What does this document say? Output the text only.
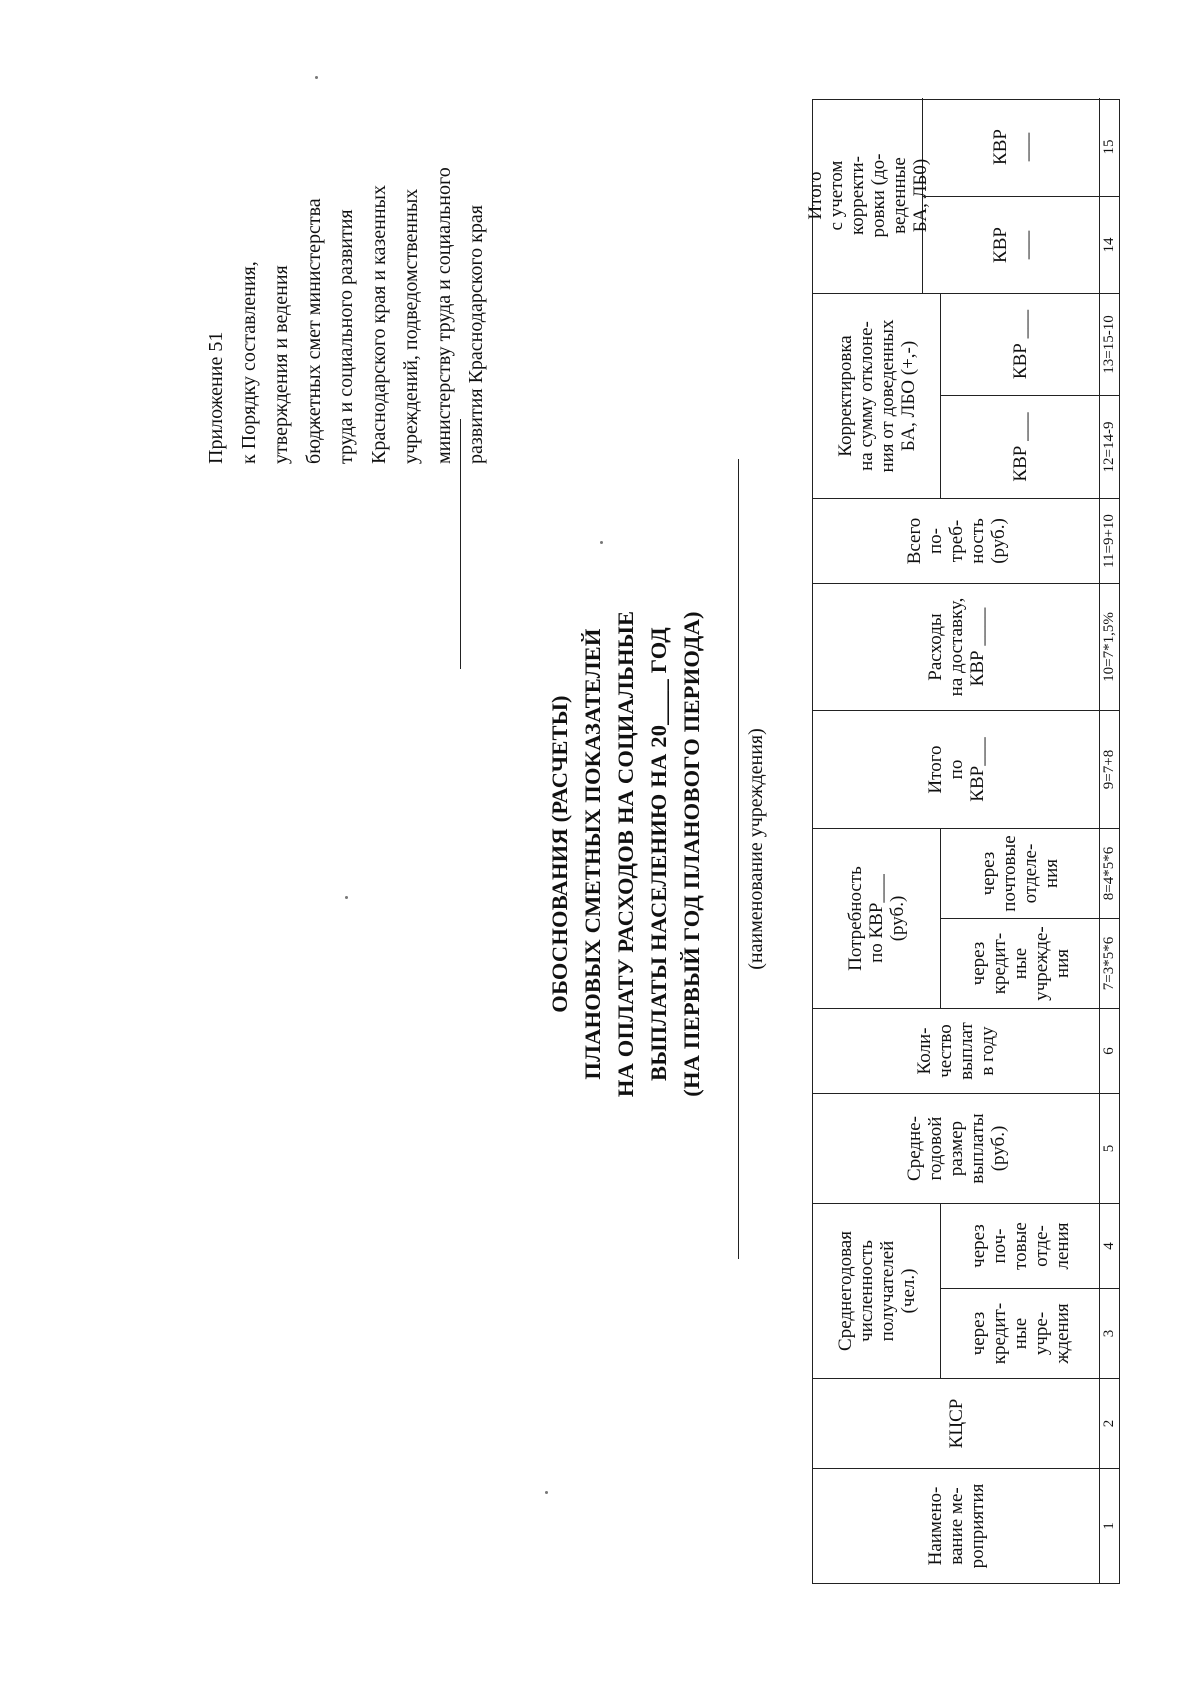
Приложение 51 к Порядку составления, утверждения и ведения бюджетных смет министерства труда и социального развития Краснодарского края и казенных учреждений, подведомственных министерству труда и социального развития Краснодарского края
ОБОСНОВАНИЯ (РАСЧЕТЫ) ПЛАНОВЫХ СМЕТНЫХ ПОКАЗАТЕЛЕЙ НА ОПЛАТУ РАСХОДОВ НА СОЦИАЛЬНЫЕ ВЫПЛАТЫ НАСЕЛЕНИЮ НА 20____ ГОД (НА ПЕРВЫЙ ГОД ПЛАНОВОГО ПЕРИОДА) (наименование учреждения)
Наимено-
вание ме-
роприятия
КЦСР
Среднегодовая
численность
получателей
(чел.)
через
кредит-
ные
учре-
ждения
через
поч-
товые
отде-
ления
Средне-
годовой
размер
выплаты
(руб.)
Коли-
чество
выплат
в году
Потребность
по КВР___
(руб.)
через
кредит-
ные
учрежде-
ния
через
почтовые
отделе-
ния
Итого
по
КВР___
Расходы
на доставку,
КВР ____
Всего
по-
треб-
ность
(руб.)
Корректировка
на сумму отклоне-
ния от доведенных
БА, ЛБО (+,-)
КВР ___
КВР ___
Итого
с учетом
корректи-
ровки (до-
веденные
БА, ЛБ0)
КВР ___
КВР ___
1
2
3
4
5
6
7=3*5*6
8=4*5*6
9=7+8
10=7*1,5%
11=9+10
12=14-9
13=15-10
14
15
